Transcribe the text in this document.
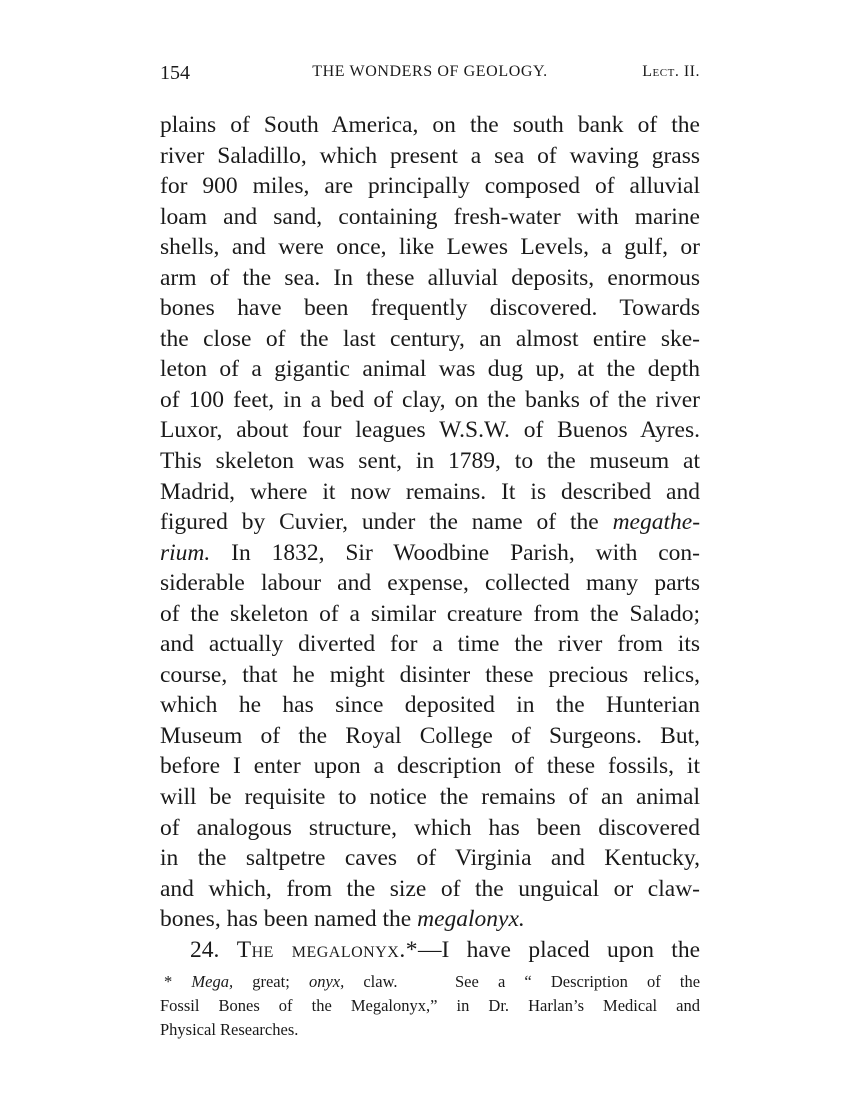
154	THE WONDERS OF GEOLOGY.	Lect. II.
plains of South America, on the south bank of the
river Saladillo, which present a sea of waving grass
for 900 miles, are principally composed of alluvial
loam and sand, containing fresh-water with marine
shells, and were once, like Lewes Levels, a gulf, or
arm of the sea. In these alluvial deposits, enormous
bones have been frequently discovered. Towards
the close of the last century, an almost entire ske-
leton of a gigantic animal was dug up, at the depth
of 100 feet, in a bed of clay, on the banks of the river
Luxor, about four leagues W.S.W. of Buenos Ayres.
This skeleton was sent, in 1789, to the museum at
Madrid, where it now remains. It is described and
figured by Cuvier, under the name of the megathe-
rium. In 1832, Sir Woodbine Parish, with con-
siderable labour and expense, collected many parts
of the skeleton of a similar creature from the Salado;
and actually diverted for a time the river from its
course, that he might disinter these precious relics,
which he has since deposited in the Hunterian
Museum of the Royal College of Surgeons. But,
before I enter upon a description of these fossils, it
will be requisite to notice the remains of an animal
of analogous structure, which has been discovered
in the saltpetre caves of Virginia and Kentucky,
and which, from the size of the unguical or claw-
bones, has been named the megalonyx.
24. The megalonyx.*—I have placed upon the
* Mega, great; onyx, claw.	See a “ Description of the
Fossil Bones of the Megalonyx,” in Dr. Harlan’s Medical and
Physical Researches.
